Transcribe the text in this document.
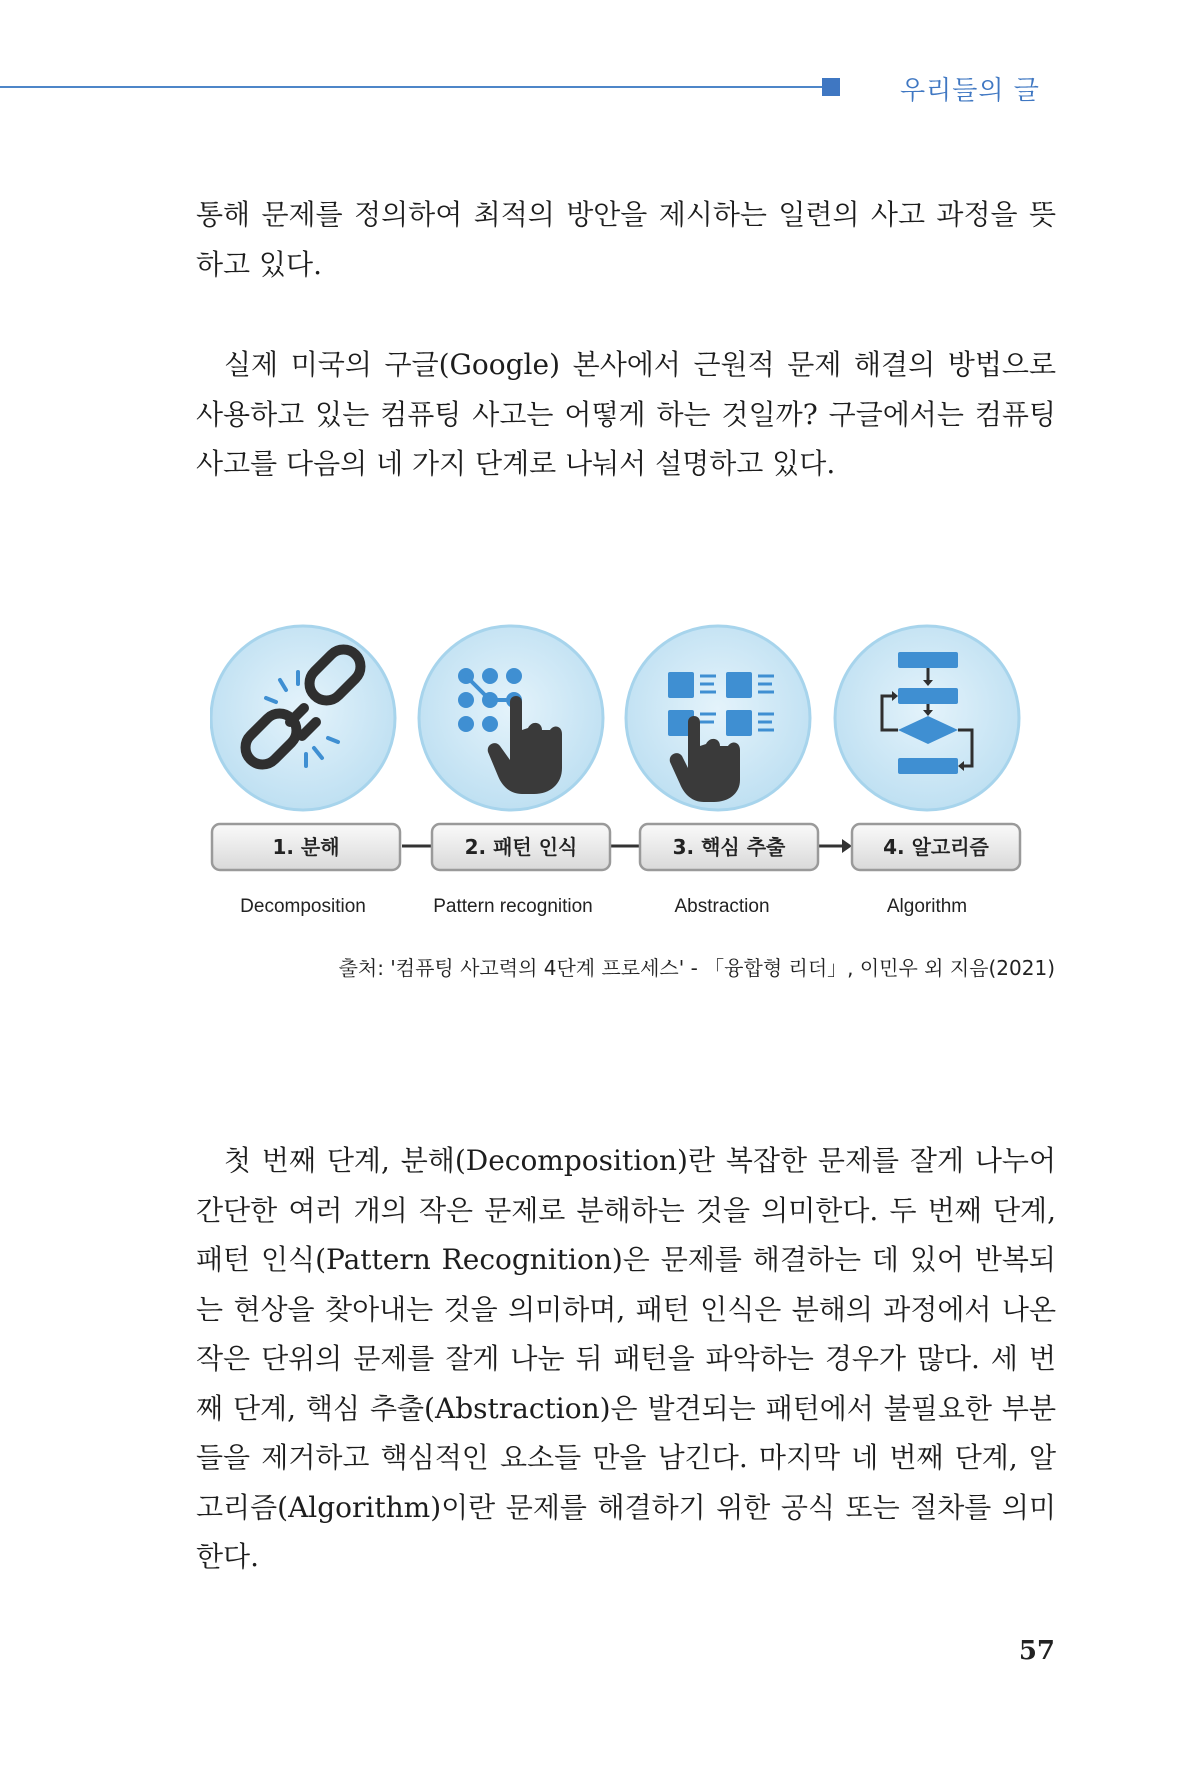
우리들의 글

통해 문제를 정의하여 최적의 방안을 제시하는 일련의 사고 과정을 뜻하고 있다.

실제 미국의 구글(Google) 본사에서 근원적 문제 해결의 방법으로 사용하고 있는 컴퓨팅 사고는 어떻게 하는 것일까? 구글에서는 컴퓨팅 사고를 다음의 네 가지 단계로 나눠서 설명하고 있다.

1. 분해
Decomposition
2. 패턴 인식
Pattern recognition
3. 핵심 추출
Abstraction
4. 알고리즘
Algorithm
출처: '컴퓨팅 사고력의 4단계 프로세스' - 「융합형 리더」, 이민우 외 지음(2021)

첫 번째 단계, 분해(Decomposition)란 복잡한 문제를 잘게 나누어 간단한 여러 개의 작은 문제로 분해하는 것을 의미한다. 두 번째 단계, 패턴 인식(Pattern Recognition)은 문제를 해결하는 데 있어 반복되는 현상을 찾아내는 것을 의미하며, 패턴 인식은 분해의 과정에서 나온 작은 단위의 문제를 잘게 나눈 뒤 패턴을 파악하는 경우가 많다. 세 번째 단계, 핵심 추출(Abstraction)은 발견되는 패턴에서 불필요한 부분들을 제거하고 핵심적인 요소들 만을 남긴다. 마지막 네 번째 단계, 알고리즘(Algorithm)이란 문제를 해결하기 위한 공식 또는 절차를 의미한다.

57
